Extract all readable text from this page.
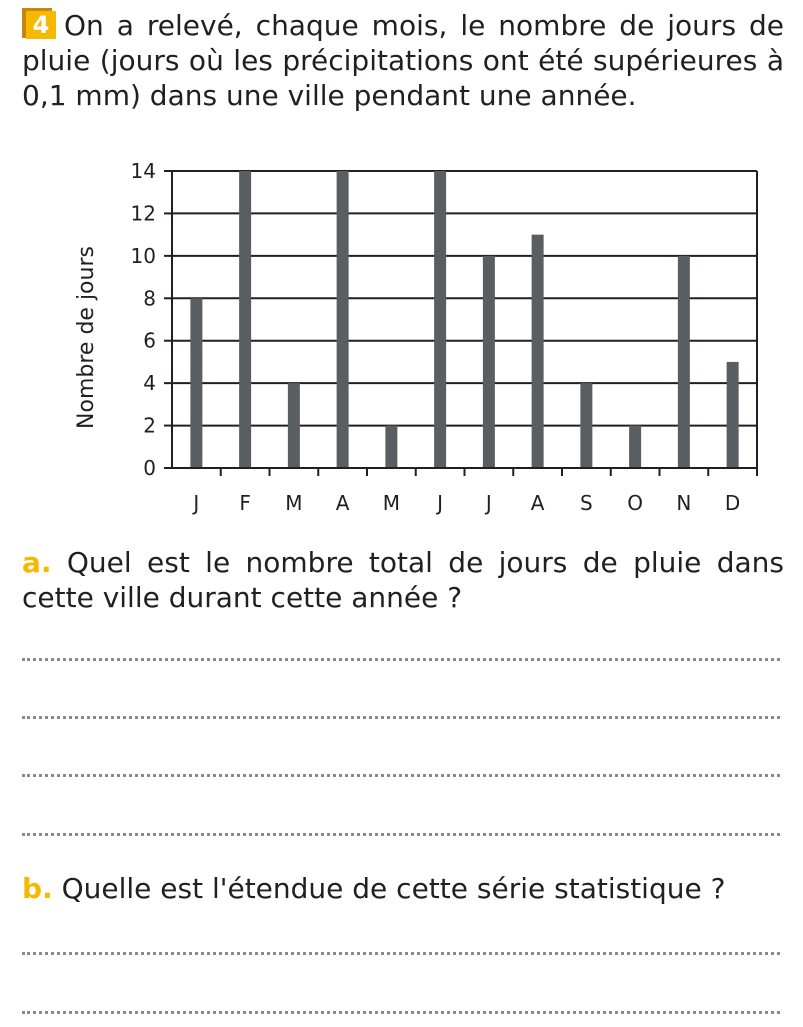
4 On a relevé, chaque mois, le nombre de jours de pluie (jours où les précipitations ont été supérieures à 0,1 mm) dans une ville pendant une année.
0
2
4
6
8
10
12
14
J F M A M J J A S O N D
Nombre de jours
a. Quel est le nombre total de jours de pluie dans cette ville durant cette année ?
b. Quelle est l'étendue de cette série statistique ?
